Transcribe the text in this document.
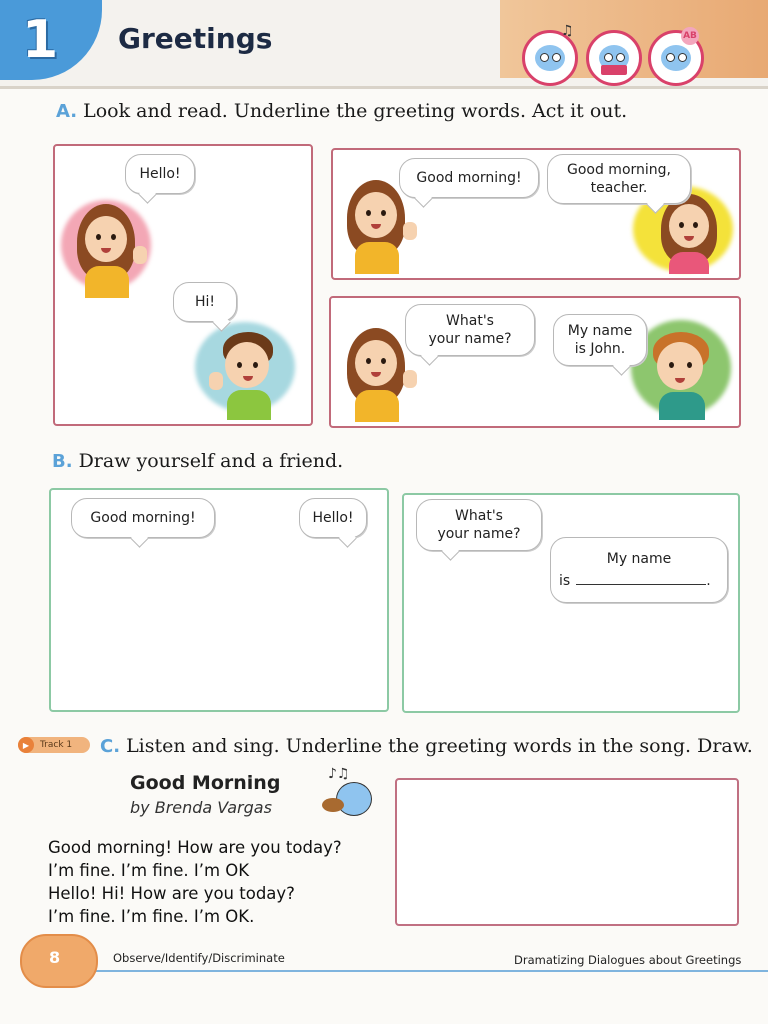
1 Greetings	♫	AB
A. Look and read. Underline the greeting words. Act it out.
Hello!
Hi!
Good morning!	Good morning,
teacher.
What's
your name?	My name
is John.
B. Draw yourself and a friend.
Good morning!	Hello!	What's
your name?
My name
is	.
▶	Track 1 C. Listen and sing. Underline the greeting words in the song. Draw.
Good Morning
by Brenda Vargas
♪♫
Good morning! How are you today?
I’m fine. I’m fine. I’m OK
Hello! Hi! How are you today?
I’m fine. I’m fine. I’m OK.
8	Observe/Identify/Discriminate	Dramatizing Dialogues about Greetings
